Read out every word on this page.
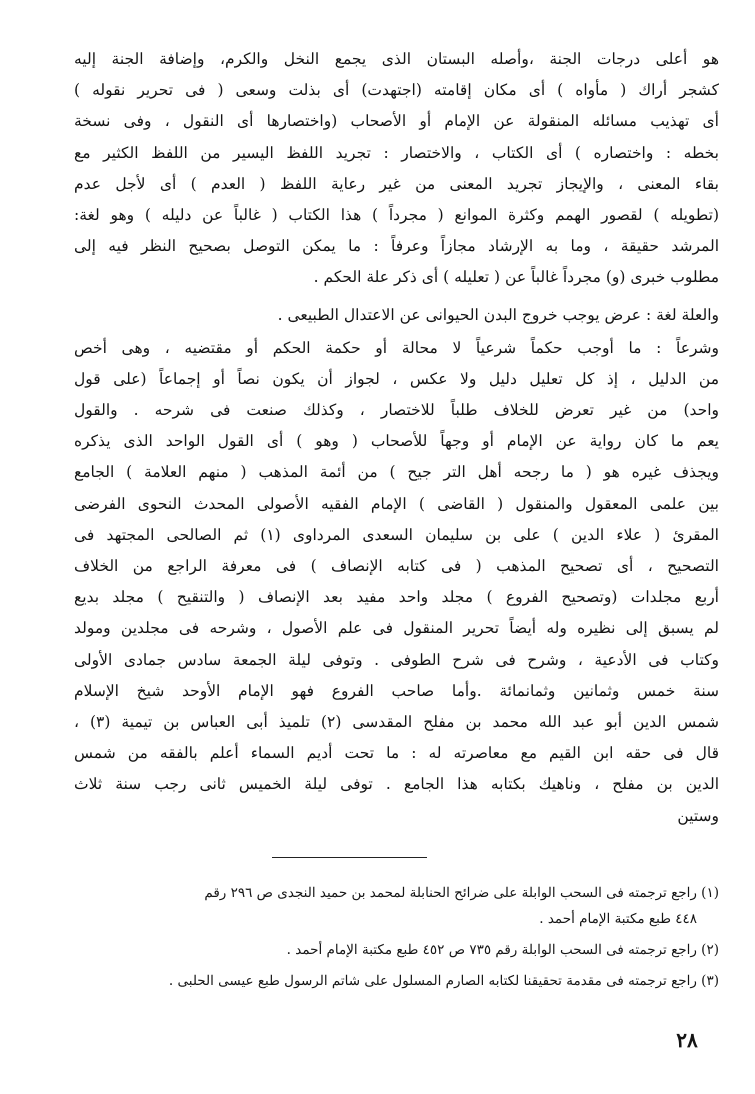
هو أعلى درجات الجنة ،وأصله البستان الذى يجمع النخل والكرم، وإضافة الجنة إليه
كشجر أراك ( مأواه ) أى مكان إقامته (اجتهدت) أى بذلت وسعى ( فى تحرير نقوله )
أى تهذيب مسائله المنقولة عن الإمام أو الأصحاب (واختصارها أى النقول ، وفى نسخة
بخطه : واختصاره ) أى الكتاب ، والاختصار : تجريد اللفظ اليسير من اللفظ الكثير مع
بقاء المعنى ، والإيجاز تجريد المعنى من غير رعاية اللفظ ( العدم ) أى لأجل عدم
(تطويله ) لقصور الهمم وكثرة الموانع ( مجرداً ) هذا الكتاب ( غالباً عن دليله ) وهو لغة:
المرشد حقيقة ، وما به الإرشاد مجازاً وعرفاً : ما يمكن التوصل بصحيح النظر فيه إلى
مطلوب خبرى (و) مجرداً غالباً عن ( تعليله ) أى ذكر علة الحكم .
والعلة لغة : عرض يوجب خروج البدن الحيوانى عن الاعتدال الطبيعى .
وشرعاً : ما أوجب حكماً شرعياً لا محالة أو حكمة الحكم أو مقتضيه ، وهى أخص
من الدليل ، إذ كل تعليل دليل ولا عكس ، لجواز أن يكون نصاً أو إجماعاً (على قول
واحد) من غير تعرض للخلاف طلباً للاختصار ، وكذلك صنعت فى شرحه . والقول
يعم ما كان رواية عن الإمام أو وجهاً للأصحاب ( وهو ) أى القول الواحد الذى يذكره
ويجذف غيره هو ( ما رجحه أهل التر جيح ) من أئمة المذهب ( منهم العلامة ) الجامع
بين علمى المعقول والمنقول ( القاضى ) الإمام الفقيه الأصولى المحدث النحوى الفرضى
المقرئ ( علاء الدين ) على بن سليمان السعدى المرداوى (١) ثم الصالحى المجتهد فى
التصحيح ، أى تصحيح المذهب ( فى كتابه الإنصاف ) فى معرفة الراجع من الخلاف
أربع مجلدات (وتصحيح الفروع ) مجلد واحد مفيد بعد الإنصاف ( والتنقيح ) مجلد بديع
لم يسبق إلى نظيره وله أيضاً تحرير المنقول فى علم الأصول ، وشرحه فى مجلدين ومولد
وكتاب فى الأدعية ، وشرح فى شرح الطوفى . وتوفى ليلة الجمعة سادس جمادى الأولى
سنة خمس وثمانين وثمانمائة .وأما صاحب الفروع فهو الإمام الأوحد شيخ الإسلام
شمس الدين أبو عبد الله محمد بن مفلح المقدسى (٢) تلميذ أبى العباس بن تيمية (٣) ،
قال فى حقه ابن القيم مع معاصرته له : ما تحت أديم السماء أعلم بالفقه من شمس
الدين بن مفلح ، وناهيك بكتابه هذا الجامع . توفى ليلة الخميس ثانى رجب سنة ثلاث
وستين
(١) راجع ترجمته فى السحب الوابلة على ضرائح الحنابلة لمحمد بن حميد النجدى ص ٢٩٦ رقم
٤٤٨ طبع مكتبة الإمام أحمد .
(٢) راجع ترجمته فى السحب الوابلة رقم ٧٣٥ ص ٤٥٢ طبع مكتبة الإمام أحمد .
(٣) راجع ترجمته فى مقدمة تحقيقنا لكتابه الصارم المسلول على شاتم الرسول طبع عيسى الحلبى .
٢٨
